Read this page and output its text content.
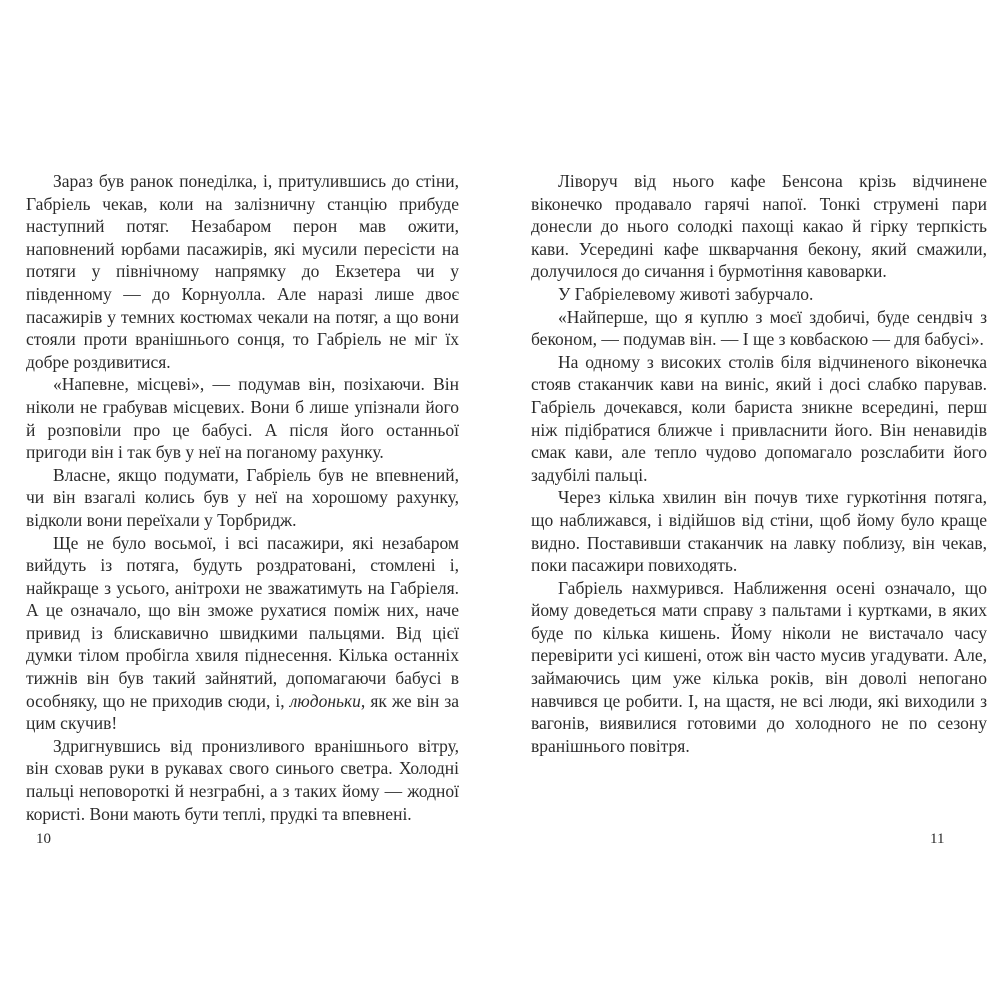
Зараз був ранок понеділка, і, притулившись до стіни, Габріель чекав, коли на залізничну станцію прибуде наступний потяг. Незабаром перон мав ожити, наповнений юрбами пасажирів, які мусили пересісти на потяги у північному напрямку до Екзетера чи у південному — до Корнуолла. Але наразі лише двоє пасажирів у темних костюмах чекали на потяг, а що вони стояли проти вранішнього сонця, то Габріель не міг їх добре роздивитися.

«Напевне, місцеві», — подумав він, позіхаючи. Він ніколи не грабував місцевих. Вони б лише упізнали його й розповіли про це бабусі. А після його останньої пригоди він і так був у неї на поганому рахунку.

Власне, якщо подумати, Габріель був не впевнений, чи він взагалі колись був у неї на хорошому рахунку, відколи вони переїхали у Торбридж.

Ще не було восьмої, і всі пасажири, які незабаром вийдуть із потяга, будуть роздратовані, стомлені і, найкраще з усього, анітрохи не зважатимуть на Габріеля. А це означало, що він зможе рухатися поміж них, наче привид із блискавично швидкими пальцями. Від цієї думки тілом пробігла хвиля піднесення. Кілька останніх тижнів він був такий зайнятий, допомагаючи бабусі в особняку, що не приходив сюди, і, людоньки, як же він за цим скучив!

Здригнувшись від пронизливого вранішнього вітру, він сховав руки в рукавах свого синього светра. Холодні пальці неповороткі й незграбні, а з таких йому — жодної користі. Вони мають бути теплі, прудкі та впевнені.

Ліворуч від нього кафе Бенсона крізь відчинене віконечко продавало гарячі напої. Тонкі струмені пари донесли до нього солодкі пахощі какао й гірку терпкість кави. Усередині кафе шкварчання бекону, який смажили, долучилося до сичання і бурмотіння кавоварки.

У Габріелевому животі забурчало.

«Найперше, що я куплю з моєї здобичі, буде сендвіч з беконом, — подумав він. — І ще з ковбаскою — для бабусі».

На одному з високих столів біля відчиненого віконечка стояв стаканчик кави на виніс, який і досі слабко парував. Габріель дочекався, коли бариста зникне всередині, перш ніж підібратися ближче і привласнити його. Він ненавидів смак кави, але тепло чудово допомагало розслабити його задубілі пальці.

Через кілька хвилин він почув тихе гуркотіння потяга, що наближався, і відійшов від стіни, щоб йому було краще видно. Поставивши стаканчик на лавку поблизу, він чекав, поки пасажири повиходять.

Габріель нахмурився. Наближення осені означало, що йому доведеться мати справу з пальтами і куртками, в яких буде по кілька кишень. Йому ніколи не вистачало часу перевірити усі кишені, отож він часто мусив угадувати. Але, займаючись цим уже кілька років, він доволі непогано навчився це робити. І, на щастя, не всі люди, які виходили з вагонів, виявилися готовими до холодного не по сезону вранішнього повітря.

10	11
